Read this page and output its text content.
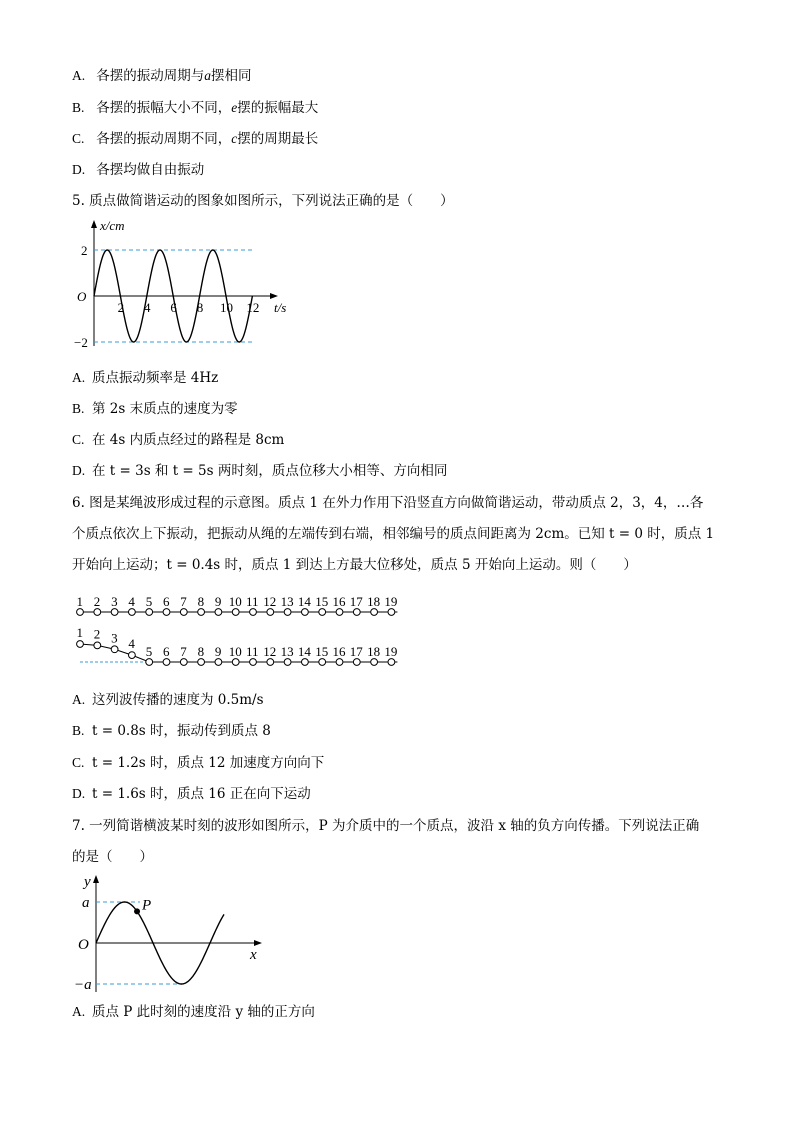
A. 各摆的振动周期与a摆相同
B. 各摆的振幅大小不同，e摆的振幅最大
C. 各摆的振动周期不同，c摆的周期最长
D. 各摆均做自由振动
5. 质点做简谐运动的图象如图所示，下列说法正确的是（　　）
x/cm
O
2
−2
2 4 6 8 10 12 t/s
A. 质点振动频率是 4Hz
B. 第 2s 末质点的速度为零
C. 在 4s 内质点经过的路程是 8cm
D. 在 t = 3s 和 t = 5s 两时刻，质点位移大小相等、方向相同
6. 图是某绳波形成过程的示意图。质点 1 在外力作用下沿竖直方向做简谐运动，带动质点 2，3，4，…各
个质点依次上下振动，把振动从绳的左端传到右端，相邻编号的质点间距离为 2cm。已知 t = 0 时，质点 1
开始向上运动；t = 0.4s 时，质点 1 到达上方最大位移处，质点 5 开始向上运动。则（　　）
1 2 3 4 5 6 7 8 9 10 11 12 13 14 15 16 17 18 19
1 2 3 4
5 6 7 8 9 10 11 12 13 14 15 16 17 18 19
A. 这列波传播的速度为 0.5m/s
B. t = 0.8s 时，振动传到质点 8
C. t = 1.2s 时，质点 12 加速度方向向下
D. t = 1.6s 时，质点 16 正在向下运动
7. 一列简谐横波某时刻的波形如图所示，P 为介质中的一个质点，波沿 x 轴的负方向传播。下列说法正确
的是（　　）
y
O
a
−a
P
x
A. 质点 P 此时刻的速度沿 y 轴的正方向
